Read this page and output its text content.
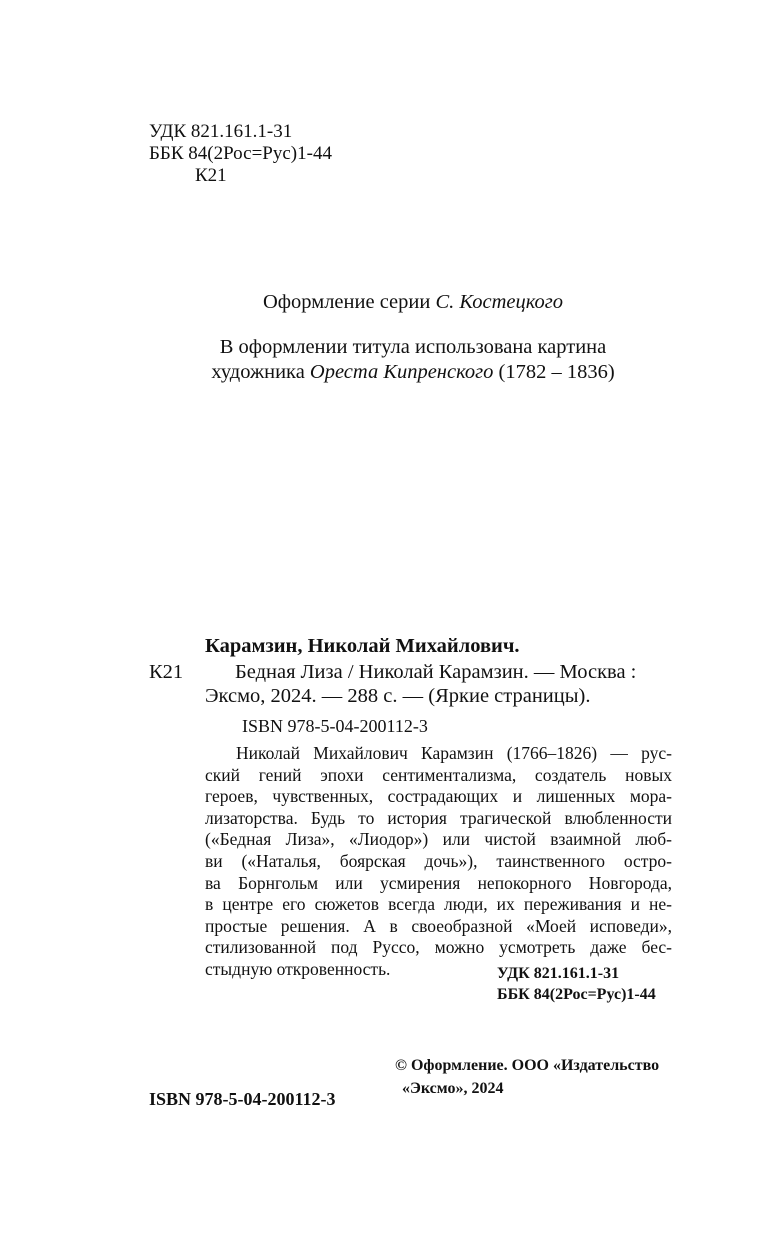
УДК 821.161.1-31
ББК 84(2Рос=Рус)1-44
К21
Оформление серии С. Костецкого
В оформлении титула использована картина
художника Ореста Кипренского (1782 – 1836)
Карамзин, Николай Михайлович.
К21	Бедная Лиза / Николай Карамзин. — Москва :
Эксмо, 2024. — 288 с. — (Яркие страницы).
ISBN 978-5-04-200112-3
Николай Михайлович Карамзин (1766–1826) — рус-
ский гений эпохи сентиментализма, создатель новых
героев, чувственных, сострадающих и лишенных мора-
лизаторства. Будь то история трагической влюбленности
(«Бедная Лиза», «Лиодор») или чистой взаимной люб-
ви («Наталья, боярская дочь»), таинственного остро-
ва Борнгольм или усмирения непокорного Новгорода,
в центре его сюжетов всегда люди, их переживания и не-
простые решения. А в своеобразной «Моей исповеди»,
стилизованной под Руссо, можно усмотреть даже бес-
стыдную откровенность.	УДК 821.161.1-31
ББК 84(2Рос=Рус)1-44
© Оформление. ООО «Издательство
«Эксмо», 2024
ISBN 978-5-04-200112-3
